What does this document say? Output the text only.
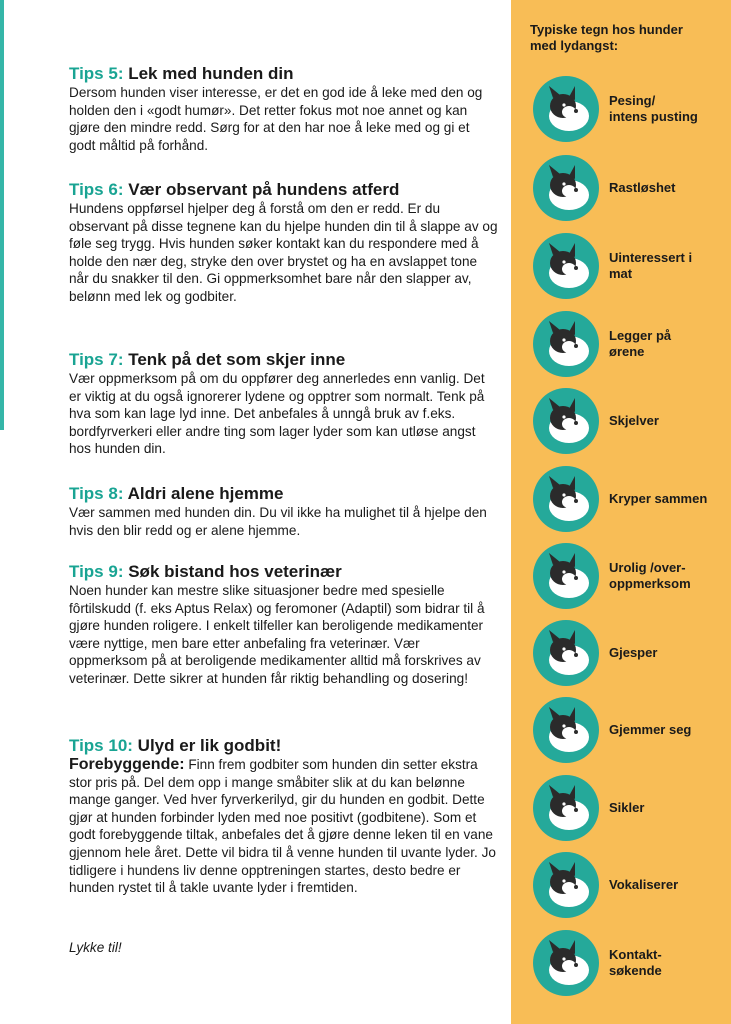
Tips 5: Lek med hunden din

Dersom hunden viser interesse, er det en god ide å leke med den og holden den i «godt humør». Det retter fokus mot noe annet og kan gjøre den mindre redd. Sørg for at den har noe å leke med og gi et godt måltid på forhånd.

Tips 6: Vær observant på hundens atferd

Hundens oppførsel hjelper deg å forstå om den er redd. Er du observant på disse tegnene kan du hjelpe hunden din til å slappe av og føle seg trygg. Hvis hunden søker kontakt kan du respondere med å holde den nær deg, stryke den over brystet og ha en avslappet tone når du snakker til den. Gi oppmerksomhet bare når den slapper av, belønn med lek og godbiter.

Tips 7: Tenk på det som skjer inne

Vær oppmerksom på om du oppfører deg annerledes enn vanlig. Det er viktig at du også ignorerer lydene og opptrer som normalt. Tenk på hva som kan lage lyd inne. Det anbefales å unngå bruk av f.eks. bordfyrverkeri eller andre ting som lager lyder som kan utløse angst hos hunden din.

Tips 8: Aldri alene hjemme

Vær sammen med hunden din. Du vil ikke ha mulighet til å hjelpe den hvis den blir redd og er alene hjemme.

Tips 9: Søk bistand hos veterinær

Noen hunder kan mestre slike situasjoner bedre med spesielle fôrtilskudd (f. eks Aptus Relax) og feromoner (Adaptil) som bidrar til å gjøre hunden roligere. I enkelt tilfeller kan beroligende medikamenter være nyttige, men bare etter anbefaling fra veterinær. Vær oppmerksom på at beroligende medikamenter alltid må forskrives av veterinær. Dette sikrer at hunden får riktig behandling og dosering!

Tips 10: Ulyd er lik godbit!

Forebyggende: Finn frem godbiter som hunden din setter ekstra stor pris på. Del dem opp i mange småbiter slik at du kan belønne mange ganger. Ved hver fyrverkerilyd, gir du hunden en godbit. Dette gjør at hunden forbinder lyden med noe positivt (godbitene). Som et godt forebyggende tiltak, anbefales det å gjøre denne leken til en vane gjennom hele året. Dette vil bidra til å venne hunden til uvante lyder. Jo tidligere i hundens liv denne opptreningen startes, desto bedre er hunden rystet til å takle uvante lyder i fremtiden.

Lykke til!
Typiske tegn hos hunder
med lydangst:
Pesing/
intens pusting
Rastløshet
Uinteressert i
mat
Legger på
ørene
Skjelver
Kryper sammen
Urolig /over-
oppmerksom
Gjesper
Gjemmer seg
Sikler
Vokaliserer
Kontakt-
søkende
